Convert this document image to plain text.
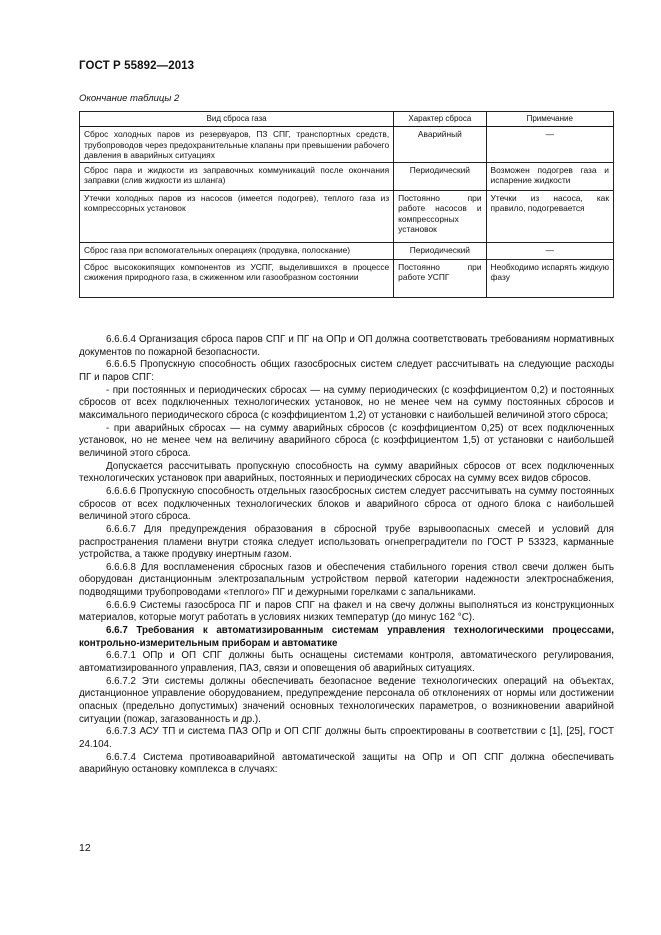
ГОСТ Р 55892—2013
Окончание таблицы 2
Вид сброса газа	Характер сброса	Примечание
Сброс холодных паров из резервуаров, ПЗ СПГ, транспортных средств, трубопроводов через предохранительные клапаны при превышении рабочего давления в аварийных ситуациях	Аварийный	—
Сброс пара и жидкости из заправочных коммуникаций после окончания заправки (слив жидкости из шланга)	Периодический	Возможен подогрев газа и испарение жидкости
Утечки холодных паров из насосов (имеется подогрев), теплого газа из компрессорных установок	Постоянно при работе насосов и компрессорных установок	Утечки из насоса, как правило, подогревается
Сброс газа при вспомогательных операциях (продувка, полоскание)	Периодический	—
Сброс высококипящих компонентов из УСПГ, выделившихся в процессе сжижения природного газа, в сжиженном или газообразном состоянии	Постоянно при работе УСПГ	Необходимо испарять жидкую фазу

6.6.6.4 Организация сброса паров СПГ и ПГ на ОПр и ОП должна соответствовать требованиям нормативных документов по пожарной безопасности.

6.6.6.5 Пропускную способность общих газосбросных систем следует рассчитывать на следующие расходы ПГ и паров СПГ:

- при постоянных и периодических сбросах — на сумму периодических (с коэффициентом 0,2) и постоянных сбросов от всех подключенных технологических установок, но не менее чем на сумму постоянных сбросов и максимального периодического сброса (с коэффициентом 1,2) от установки с наибольшей величиной этого сброса;

- при аварийных сбросах — на сумму аварийных сбросов (с коэффициентом 0,25) от всех подключенных установок, но не менее чем на величину аварийного сброса (с коэффициентом 1,5) от установки с наибольшей величиной этого сброса.

Допускается рассчитывать пропускную способность на сумму аварийных сбросов от всех подключенных технологических установок при аварийных, постоянных и периодических сбросах на сумму всех видов сбросов.

6.6.6.6 Пропускную способность отдельных газосбросных систем следует рассчитывать на сумму постоянных сбросов от всех подключенных технологических блоков и аварийного сброса от одного блока с наибольшей величиной этого сброса.

6.6.6.7 Для предупреждения образования в сбросной трубе взрывоопасных смесей и условий для распространения пламени внутри стояка следует использовать огнепреградители по ГОСТ Р 53323, карманные устройства, а также продувку инертным газом.

6.6.6.8 Для воспламенения сбросных газов и обеспечения стабильного горения ствол свечи должен быть оборудован дистанционным электрозапальным устройством первой категории надежности электроснабжения, подводящими трубопроводами «теплого» ПГ и дежурными горелками с запальниками.

6.6.6.9 Системы газосброса ПГ и паров СПГ на факел и на свечу должны выполняться из конструкционных материалов, которые могут работать в условиях низких температур (до минус 162 °С).

6.6.7 Требования к автоматизированным системам управления технологическими процессами, контрольно-измерительным приборам и автоматике

6.6.7.1 ОПр и ОП СПГ должны быть оснащены системами контроля, автоматического регулирования, автоматизированного управления, ПАЗ, связи и оповещения об аварийных ситуациях.

6.6.7.2 Эти системы должны обеспечивать безопасное ведение технологических операций на объектах, дистанционное управление оборудованием, предупреждение персонала об отклонениях от нормы или достижении опасных (предельно допустимых) значений основных технологических параметров, о возникновении аварийной ситуации (пожар, загазованность и др.).

6.6.7.3 АСУ ТП и система ПАЗ ОПр и ОП СПГ должны быть спроектированы в соответствии с [1], [25], ГОСТ 24.104.

6.6.7.4 Система противоаварийной автоматической защиты на ОПр и ОП СПГ должна обеспечивать аварийную остановку комплекса в случаях:

12
